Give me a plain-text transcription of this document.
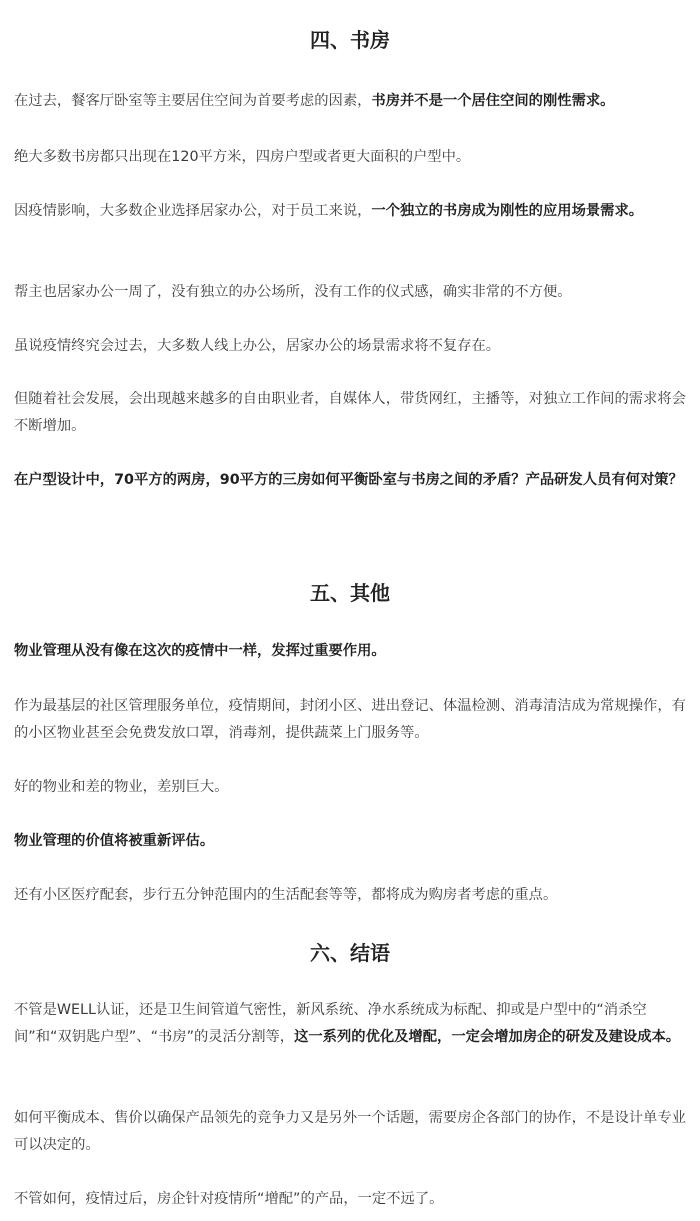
四、书房

在过去，餐客厅卧室等主要居住空间为首要考虑的因素，书房并不是一个居住空间的刚性需求。

绝大多数书房都只出现在120平方米，四房户型或者更大面积的户型中。

因疫情影响，大多数企业选择居家办公，对于员工来说，一个独立的书房成为刚性的应用场景需求。

帮主也居家办公一周了，没有独立的办公场所，没有工作的仪式感，确实非常的不方便。

虽说疫情终究会过去，大多数人线上办公，居家办公的场景需求将不复存在。

但随着社会发展，会出现越来越多的自由职业者，自媒体人，带货网红，主播等，对独立工作间的需求将会不断增加。

在户型设计中，70平方的两房，90平方的三房如何平衡卧室与书房之间的矛盾？产品研发人员有何对策？

五、其他

物业管理从没有像在这次的疫情中一样，发挥过重要作用。

作为最基层的社区管理服务单位，疫情期间，封闭小区、进出登记、体温检测、消毒清洁成为常规操作，有的小区物业甚至会免费发放口罩，消毒剂，提供蔬菜上门服务等。

好的物业和差的物业，差别巨大。

物业管理的价值将被重新评估。

还有小区医疗配套，步行五分钟范围内的生活配套等等，都将成为购房者考虑的重点。

六、结语

不管是WELL认证，还是卫生间管道气密性，新风系统、净水系统成为标配、抑或是户型中的“消杀空间”和“双钥匙户型”、“书房”的灵活分割等，这一系列的优化及增配，一定会增加房企的研发及建设成本。

如何平衡成本、售价以确保产品领先的竞争力又是另外一个话题，需要房企各部门的协作，不是设计单专业可以决定的。

不管如何，疫情过后，房企针对疫情所“增配”的产品，一定不远了。
